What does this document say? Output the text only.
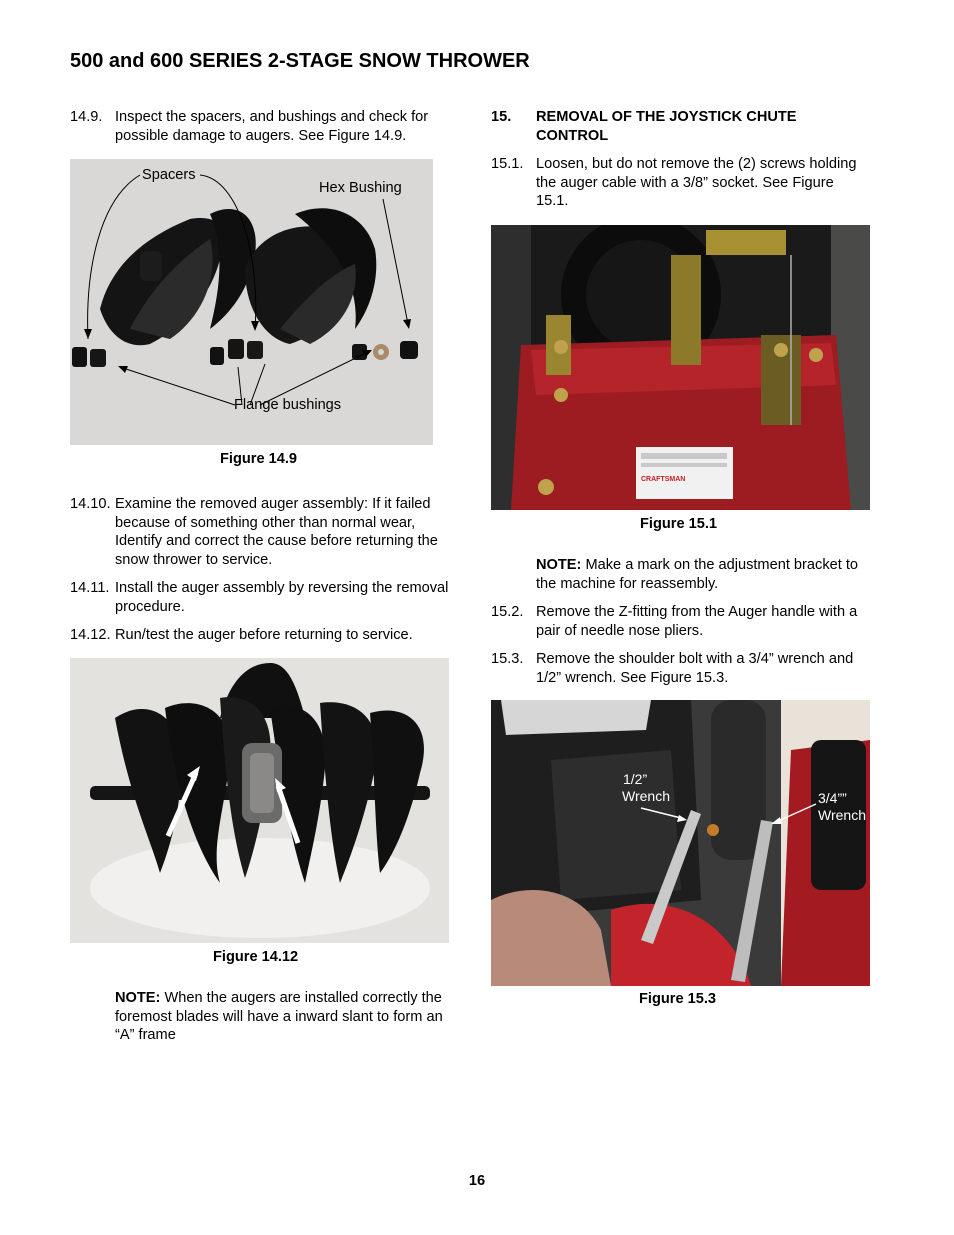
500 and 600 SERIES 2-STAGE SNOW THROWER
14.9. Inspect the spacers, and bushings and check for possible damage to augers. See Figure 14.9.
Spacers
Hex Bushing
Flange bushings
Figure 14.9
14.10. Examine the removed auger assembly: If it failed because of something other than normal wear, Identify and correct the cause before returning the snow thrower to service.
14.11. Install the auger assembly by reversing the removal procedure.
14.12. Run/test the auger before returning to service.
Figure 14.12
NOTE: When the augers are installed correctly the foremost blades will have a inward slant to form an “A” frame
15. REMOVAL OF THE JOYSTICK CHUTE CONTROL
15.1. Loosen, but do not remove the (2) screws holding the auger cable with a 3/8” socket. See Figure 15.1.
CRAFTSMAN
Figure 15.1
NOTE: Make a mark on the adjustment bracket to the machine for reassembly.
15.2. Remove the Z-fitting from the Auger handle with a pair of needle nose pliers.
15.3. Remove the shoulder bolt with a 3/4” wrench and 1/2” wrench. See Figure 15.3.
1/2”
Wrench	3/4””
Wrench
Figure 15.3
16
